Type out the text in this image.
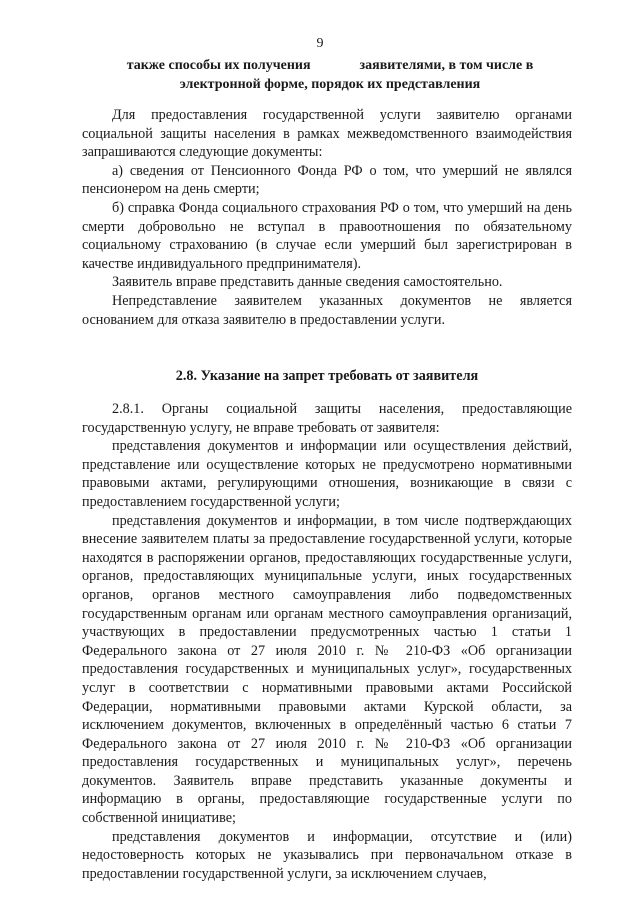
9
также способы их получения              заявителями, в том числе в
электронной форме, порядок их представления

Для предоставления государственной услуги заявителю органами социальной защиты населения в рамках межведомственного взаимодействия запрашиваются следующие документы:

а) сведения от Пенсионного Фонда РФ о том, что умерший не являлся пенсионером на день смерти;

б) справка Фонда социального страхования РФ о том, что умерший на день смерти добровольно не вступал в правоотношения по обязательному социальному страхованию (в случае если умерший был зарегистрирован в качестве индивидуального предпринимателя).

Заявитель вправе представить данные сведения самостоятельно.

Непредставление заявителем указанных документов не является основанием для отказа заявителю в предоставлении услуги.

2.8. Указание на запрет требовать от заявителя

2.8.1. Органы социальной защиты населения, предоставляющие государственную услугу, не вправе требовать от заявителя:

представления документов и информации или осуществления действий, представление или осуществление которых не предусмотрено нормативными правовыми актами, регулирующими отношения, возникающие в связи с предоставлением государственной услуги;

представления документов и информации, в том числе подтверждающих внесение заявителем платы за предоставление государственной услуги, которые находятся в распоряжении органов, предоставляющих государственные услуги, органов, предоставляющих муниципальные услуги, иных государственных органов, органов местного самоуправления либо подведомственных государственным органам или органам местного самоуправления организаций, участвующих в предоставлении предусмотренных частью 1 статьи 1 Федерального закона от 27 июля 2010 г. № 210-ФЗ «Об организации предоставления государственных и муниципальных услуг», государственных услуг в соответствии с нормативными правовыми актами Российской Федерации, нормативными правовыми актами Курской области, за исключением документов, включенных в определённый частью 6 статьи 7 Федерального закона от 27 июля 2010 г. № 210-ФЗ «Об организации предоставления государственных и муниципальных услуг», перечень документов. Заявитель вправе представить указанные документы и информацию в органы, предоставляющие государственные услуги по собственной инициативе;

представления документов и информации, отсутствие и (или) недостоверность которых не указывались при первоначальном отказе в предоставлении государственной услуги, за исключением случаев,
